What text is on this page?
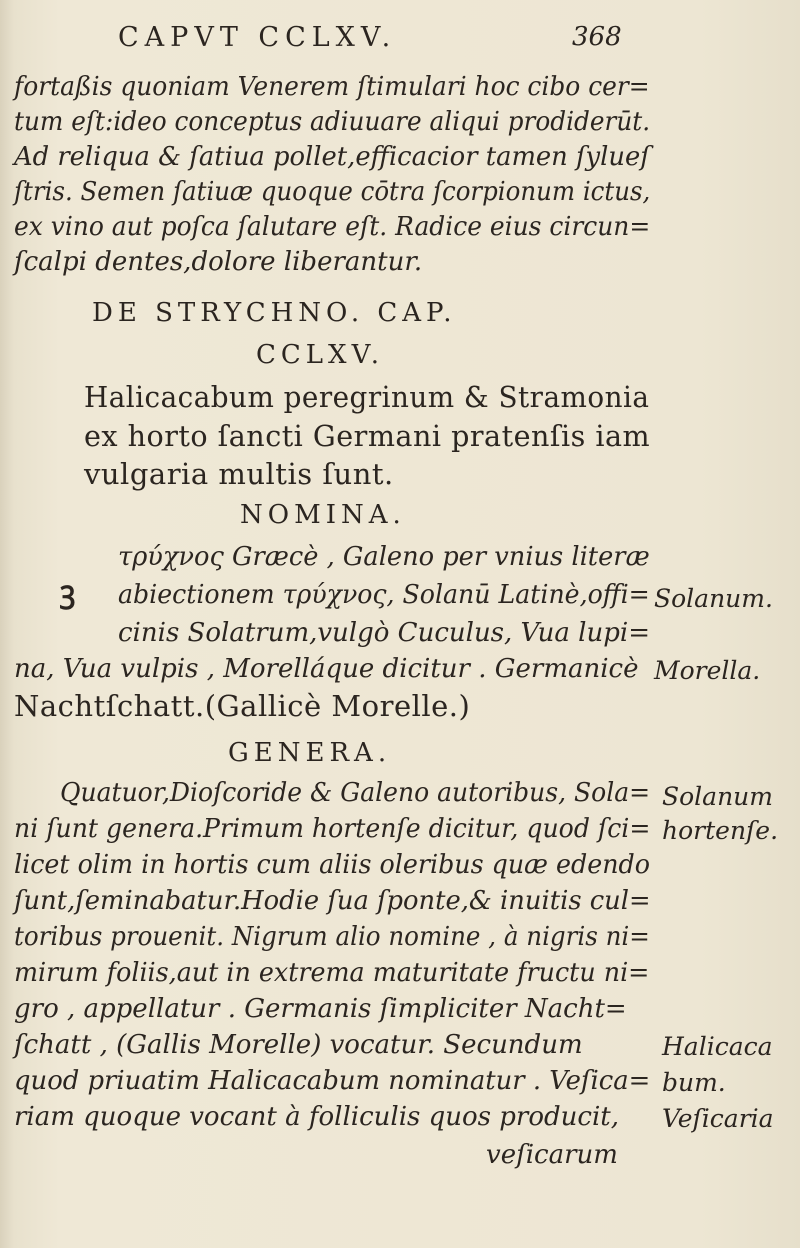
CAPVT CCLXV.	368
fortaßis quoniam Venerem ſtimulari hoc cibo cer=
tum eſt:ideo conceptus adiuuare aliqui prodiderūt.
Ad reliqua & ſatiua pollet,efficacior tamen ſylueſ
ſtris. Semen ſatiuæ quoque cōtra ſcorpionum ictus,
ex vino aut poſca ſalutare eſt. Radice eius circun=
ſcalpi dentes,dolore liberantur.
DE STRYCHNO. CAP.
CCLXV.
Halicacabum peregrinum & Stramonia
ex horto ſancti Germani pratenſis iam
vulgaria multis ſunt.
NOMINA.
τρύχνος Græcè , Galeno per vnius literæ
ꝫ abiectionem τρύχνος, Solanū Latinè,offi=
cinis Solatrum,vulgò Cuculus, Vua lupi=
na, Vua vulpis , Morelláque dicitur . Germanicè
Nachtſchatt.(Gallicè Morelle.)
Solanum.
Morella.
GENERA.
Quatuor,Dioſcoride & Galeno autoribus, Sola=
ni ſunt genera.Primum hortenſe dicitur, quod ſci=
licet olim in hortis cum aliis oleribus quæ edendo
ſunt,ſeminabatur.Hodie ſua ſponte,& inuitis cul=
toribus prouenit. Nigrum alio nomine , à nigris ni=
mirum foliis,aut in extrema maturitate fructu ni=
gro , appellatur . Germanis ſimpliciter Nacht=
ſchatt , (Gallis Morelle) vocatur. Secundum
quod priuatim Halicacabum nominatur . Veſica=
riam quoque vocant à folliculis quos producit,
veſicarum
Solanum
hortenſe.
Halicaca
bum.
Veſicaria
